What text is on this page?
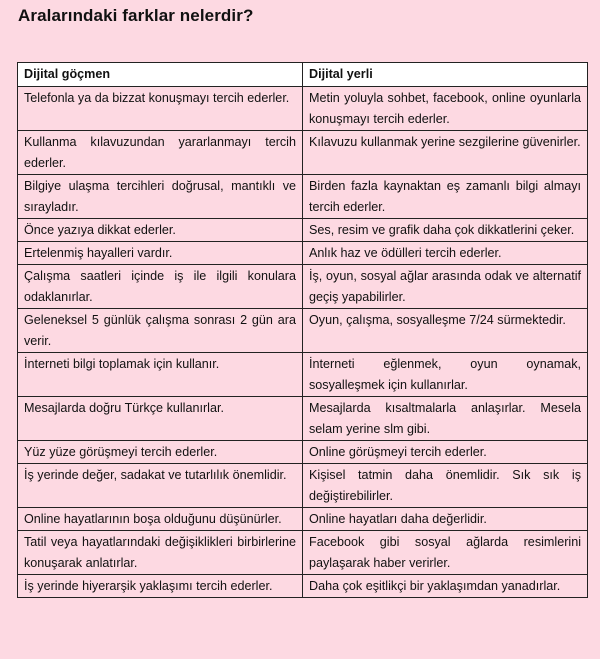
Aralarındaki farklar nelerdir?
Dijital göçmen	Dijital yerli
Telefonla ya da bizzat konuşmayı tercih ederler.	Metin yoluyla sohbet, facebook, online oyunlarla konuşmayı tercih ederler.
Kullanma kılavuzundan yararlanmayı tercih ederler.	Kılavuzu kullanmak yerine sezgilerine güvenirler.
Bilgiye ulaşma tercihleri doğrusal, mantıklı ve sırayladır.	Birden fazla kaynaktan eş zamanlı bilgi almayı tercih ederler.
Önce yazıya dikkat ederler.	Ses, resim ve grafik daha çok dikkatlerini çeker.
Ertelenmiş hayalleri vardır.	Anlık haz ve ödülleri tercih ederler.
Çalışma saatleri içinde iş ile ilgili konulara odaklanırlar.	İş, oyun, sosyal ağlar arasında odak ve alternatif geçiş yapabilirler.
Geleneksel 5 günlük çalışma sonrası 2 gün ara verir.	Oyun, çalışma, sosyalleşme 7/24 sürmektedir.
İnterneti bilgi toplamak için kullanır.	İnterneti eğlenmek, oyun oynamak, sosyalleşmek için kullanırlar.
Mesajlarda doğru Türkçe kullanırlar.	Mesajlarda kısaltmalarla anlaşırlar. Mesela selam yerine slm gibi.
Yüz yüze görüşmeyi tercih ederler.	Online görüşmeyi tercih ederler.
İş yerinde değer, sadakat ve tutarlılık önemlidir.	Kişisel tatmin daha önemlidir. Sık sık iş değiştirebilirler.
Online hayatlarının boşa olduğunu düşünürler.	Online hayatları daha değerlidir.
Tatil veya hayatlarındaki değişiklikleri birbirlerine konuşarak anlatırlar.	Facebook gibi sosyal ağlarda resimlerini paylaşarak haber verirler.
İş yerinde hiyerarşik yaklaşımı tercih ederler.	Daha çok eşitlikçi bir yaklaşımdan yanadırlar.
